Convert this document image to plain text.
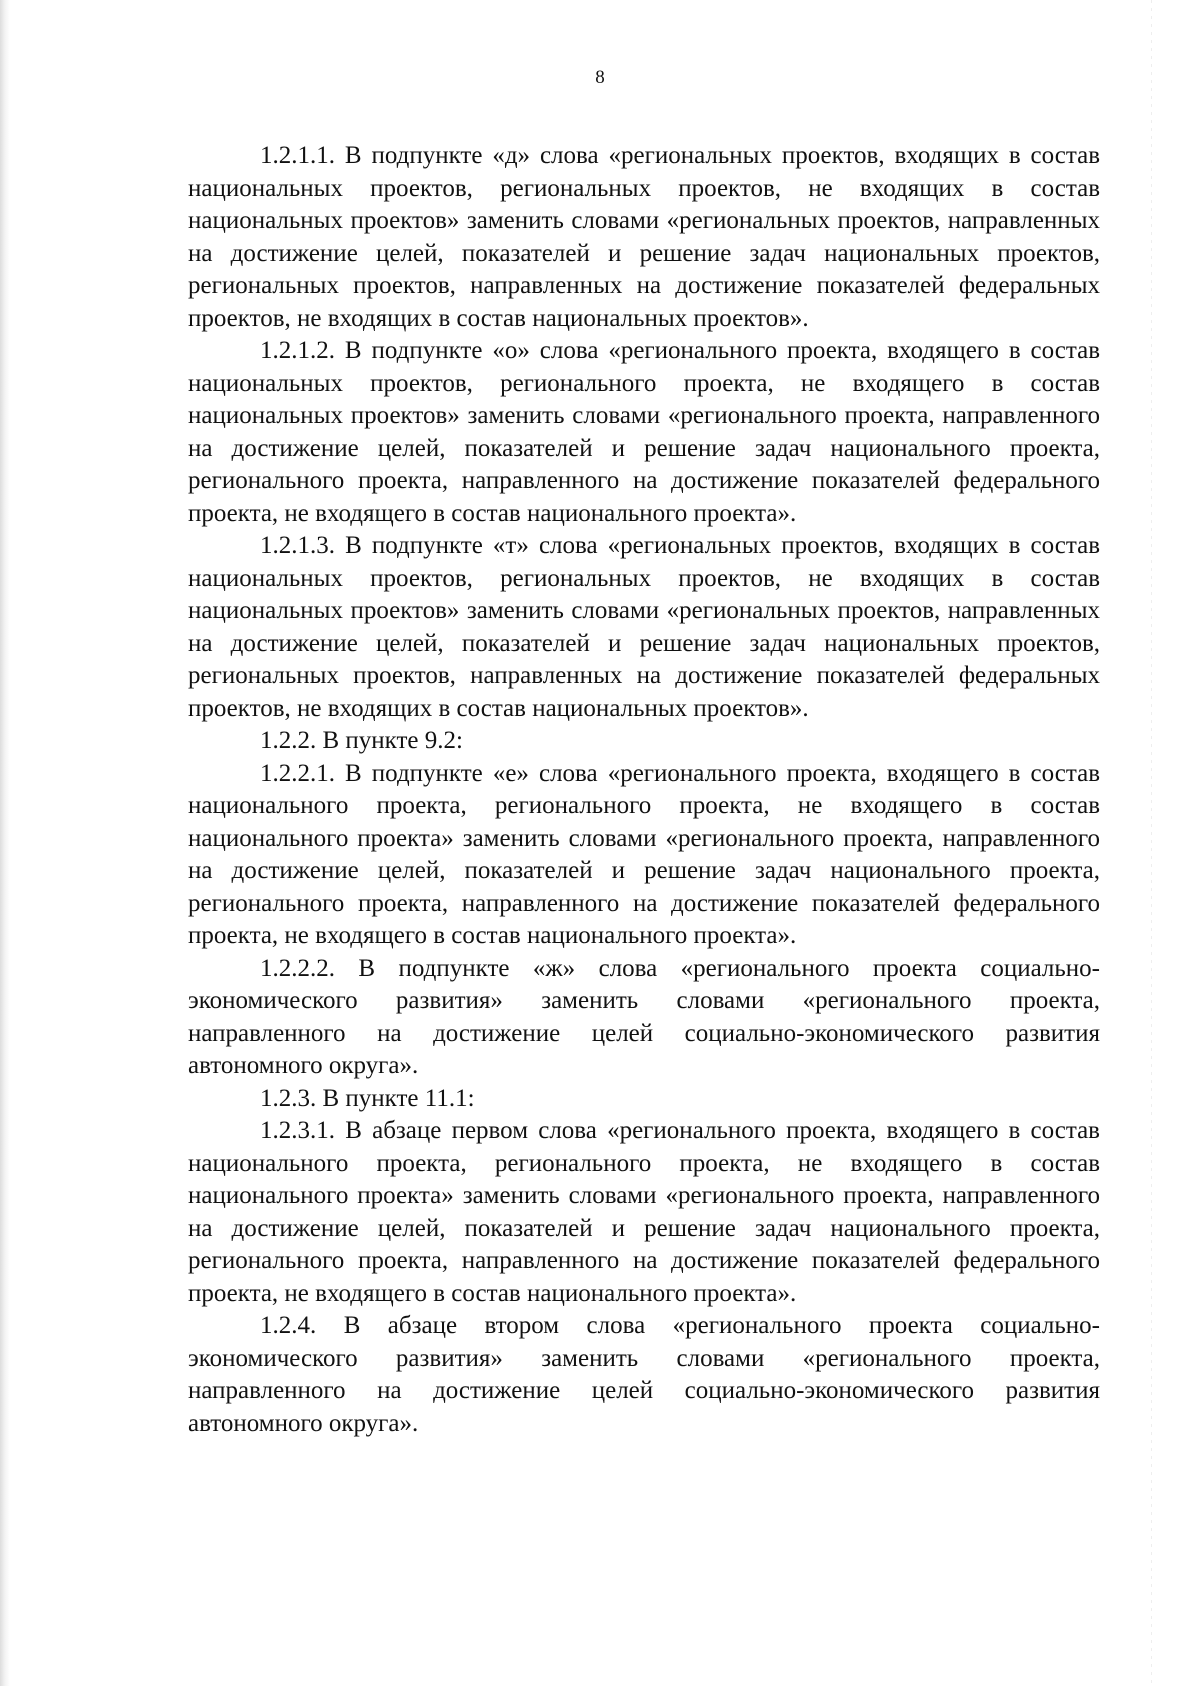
8

1.2.1.1. В подпункте «д» слова «региональных проектов, входящих в состав национальных проектов, региональных проектов, не входящих в состав национальных проектов» заменить словами «региональных проектов, направленных на достижение целей, показателей и решение задач национальных проектов, региональных проектов, направленных на достижение показателей федеральных проектов, не входящих в состав национальных проектов».

1.2.1.2. В подпункте «о» слова «регионального проекта, входящего в состав национальных проектов, регионального проекта, не входящего в состав национальных проектов» заменить словами «регионального проекта, направленного на достижение целей, показателей и решение задач национального проекта, регионального проекта, направленного на достижение показателей федерального проекта, не входящего в состав национального проекта».

1.2.1.3. В подпункте «т» слова «региональных проектов, входящих в состав национальных проектов, региональных проектов, не входящих в состав национальных проектов» заменить словами «региональных проектов, направленных на достижение целей, показателей и решение задач национальных проектов, региональных проектов, направленных на достижение показателей федеральных проектов, не входящих в состав национальных проектов».

1.2.2. В пункте 9.2:

1.2.2.1. В подпункте «е» слова «регионального проекта, входящего в состав национального проекта, регионального проекта, не входящего в состав национального проекта» заменить словами «регионального проекта, направленного на достижение целей, показателей и решение задач национального проекта, регионального проекта, направленного на достижение показателей федерального проекта, не входящего в состав национального проекта».

1.2.2.2. В подпункте «ж» слова «регионального проекта социально-экономического развития» заменить словами «регионального проекта, направленного на достижение целей социально-экономического развития автономного округа».

1.2.3. В пункте 11.1:

1.2.3.1. В абзаце первом слова «регионального проекта, входящего в состав национального проекта, регионального проекта, не входящего в состав национального проекта» заменить словами «регионального проекта, направленного на достижение целей, показателей и решение задач национального проекта, регионального проекта, направленного на достижение показателей федерального проекта, не входящего в состав национального проекта».

1.2.4. В абзаце втором слова «регионального проекта социально-экономического развития» заменить словами «регионального проекта, направленного на достижение целей социально-экономического развития автономного округа».
